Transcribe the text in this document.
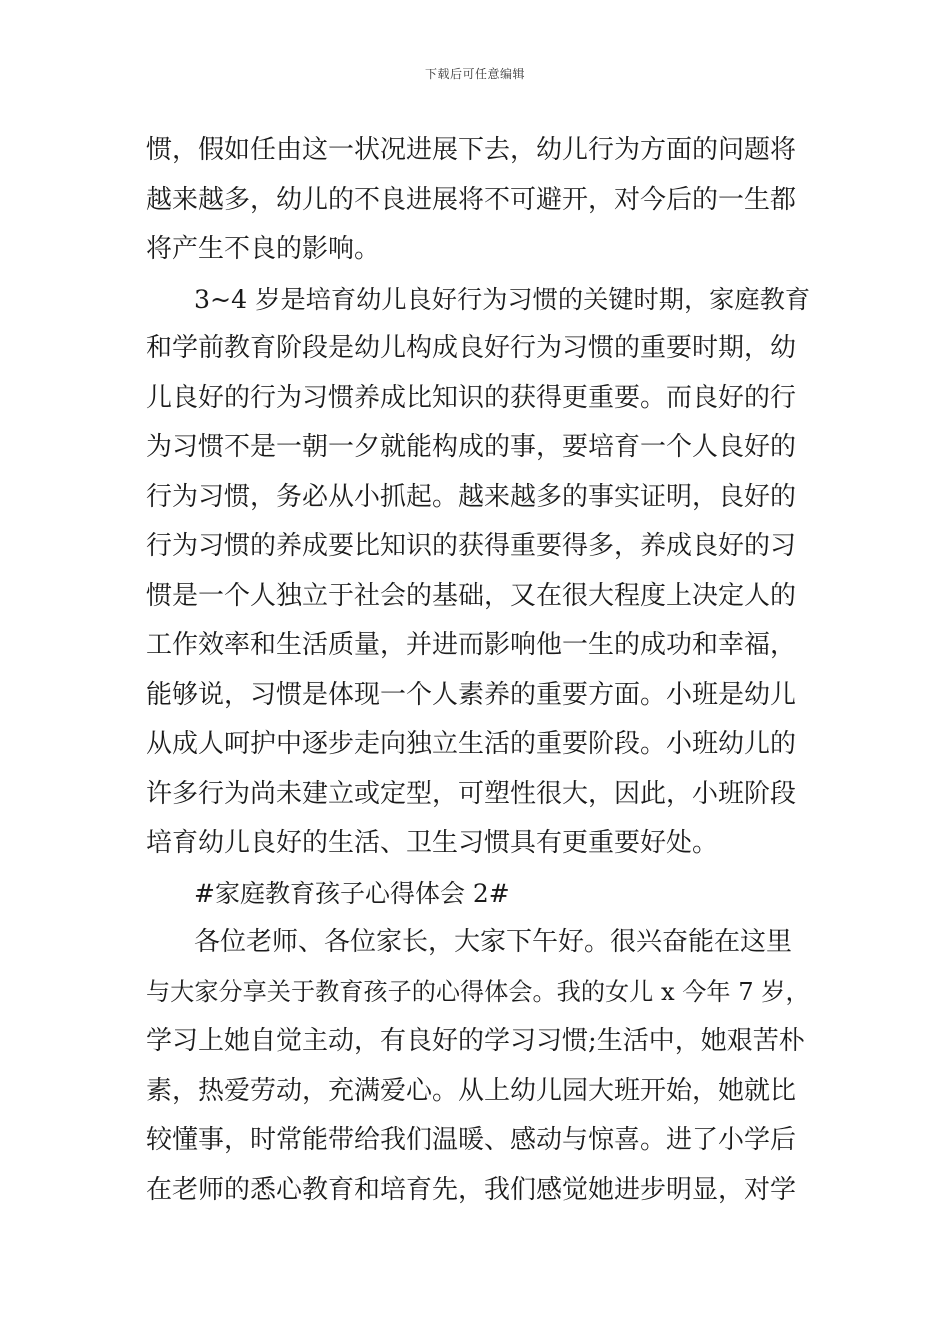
下载后可任意编辑
惯，假如任由这一状况进展下去，幼儿行为方面的问题将
越来越多，幼儿的不良进展将不可避开，对今后的一生都
将产生不良的影响。
3~4 岁是培育幼儿良好行为习惯的关键时期，家庭教育
和学前教育阶段是幼儿构成良好行为习惯的重要时期，幼
儿良好的行为习惯养成比知识的获得更重要。而良好的行
为习惯不是一朝一夕就能构成的事，要培育一个人良好的
行为习惯，务必从小抓起。越来越多的事实证明，良好的
行为习惯的养成要比知识的获得重要得多，养成良好的习
惯是一个人独立于社会的基础，又在很大程度上决定人的
工作效率和生活质量，并进而影响他一生的成功和幸福，
能够说，习惯是体现一个人素养的重要方面。小班是幼儿
从成人呵护中逐步走向独立生活的重要阶段。小班幼儿的
许多行为尚未建立或定型，可塑性很大，因此，小班阶段
培育幼儿良好的生活、卫生习惯具有更重要好处。
#家庭教育孩子心得体会 2#
各位老师、各位家长，大家下午好。很兴奋能在这里
与大家分享关于教育孩子的心得体会。我的女儿 x 今年 7 岁，
学习上她自觉主动，有良好的学习习惯;生活中，她艰苦朴
素，热爱劳动，充满爱心。从上幼儿园大班开始，她就比
较懂事，时常能带给我们温暖、感动与惊喜。进了小学后
在老师的悉心教育和培育先，我们感觉她进步明显，对学
